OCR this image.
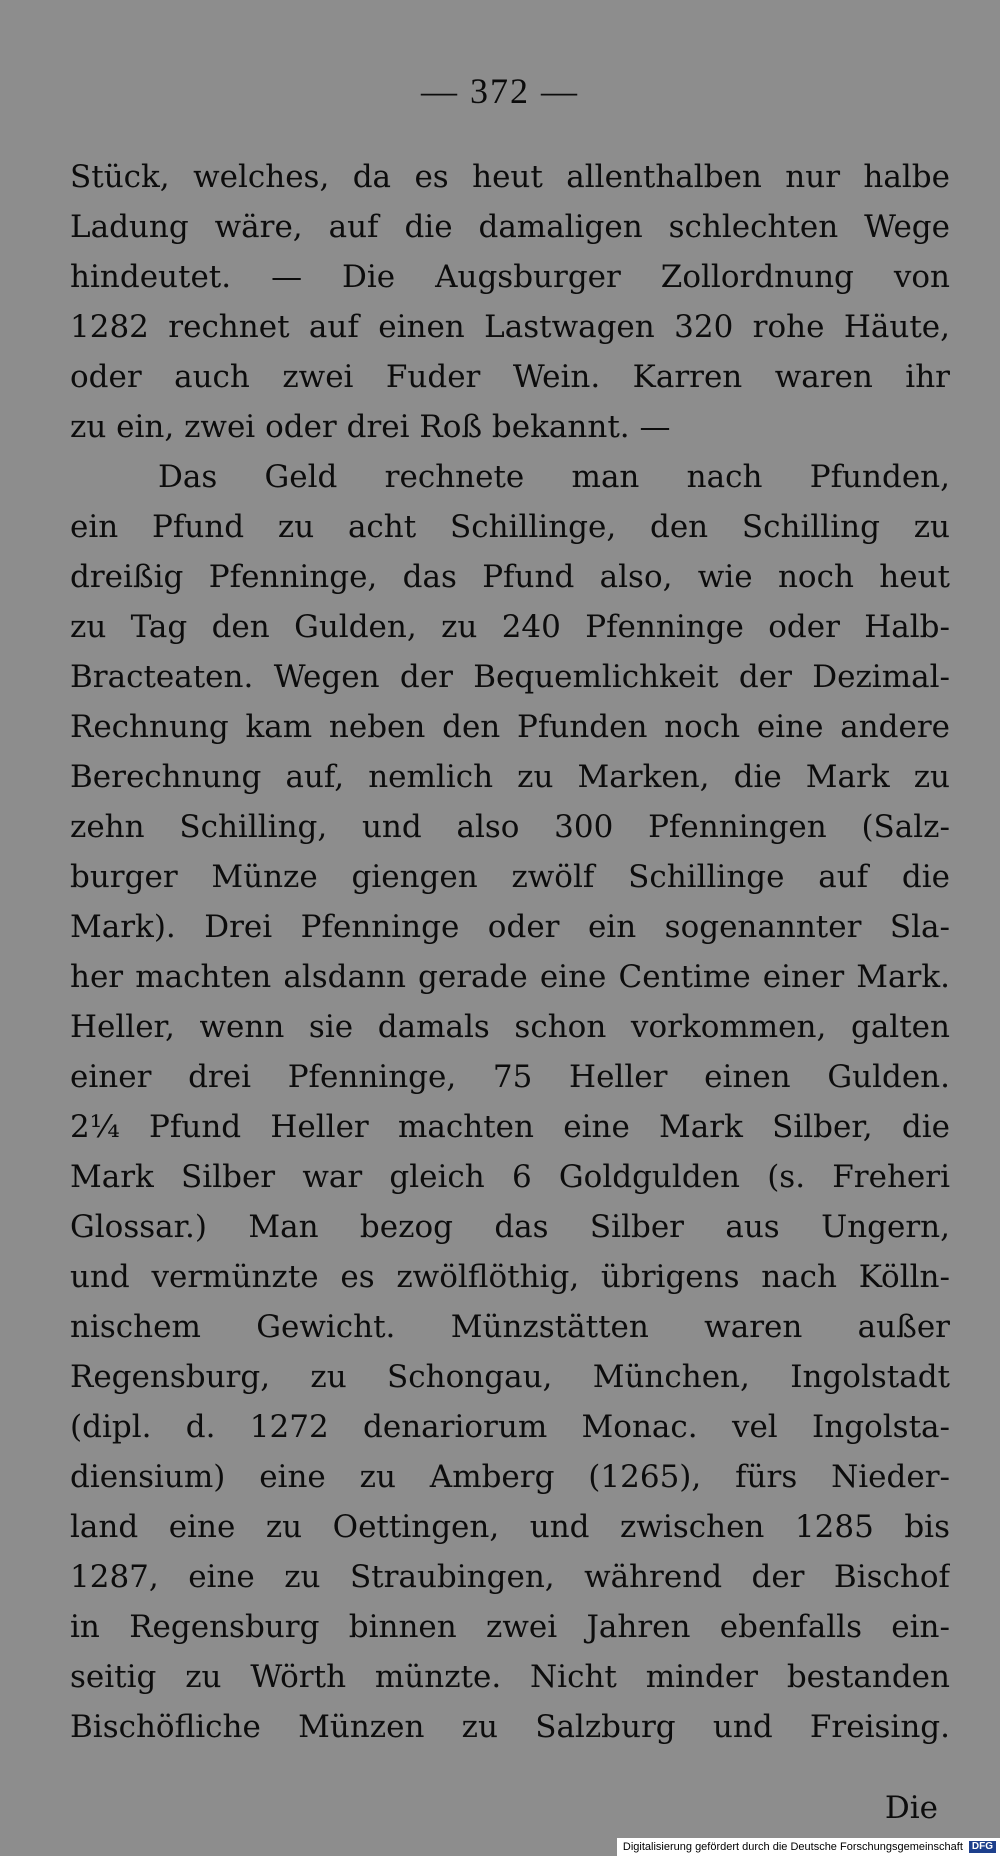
— 372 —
Stück, welches, da es heut allenthalben nur halbe
Ladung wäre, auf die damaligen schlechten Wege
hindeutet. — Die Augsburger Zollordnung von
1282 rechnet auf einen Lastwagen 320 rohe Häute,
oder auch zwei Fuder Wein. Karren waren ihr
zu ein, zwei oder drei Roß bekannt. —
Das Geld rechnete man nach Pfunden,
ein Pfund zu acht Schillinge, den Schilling zu
dreißig Pfenninge, das Pfund also, wie noch heut
zu Tag den Gulden, zu 240 Pfenninge oder Halb-
Bracteaten. Wegen der Bequemlichkeit der Dezimal-
Rechnung kam neben den Pfunden noch eine andere
Berechnung auf, nemlich zu Marken, die Mark zu
zehn Schilling, und also 300 Pfenningen (Salz-
burger Münze giengen zwölf Schillinge auf die
Mark). Drei Pfenninge oder ein sogenannter Sla-
her machten alsdann gerade eine Centime einer Mark.
Heller, wenn sie damals schon vorkommen, galten
einer drei Pfenninge, 75 Heller einen Gulden.
2¼ Pfund Heller machten eine Mark Silber, die
Mark Silber war gleich 6 Goldgulden (s. Freheri
Glossar.) Man bezog das Silber aus Ungern,
und vermünzte es zwölflöthig, übrigens nach Kölln-
nischem Gewicht. Münzstätten waren außer
Regensburg, zu Schongau, München, Ingolstadt
(dipl. d. 1272 denariorum Monac. vel Ingolsta-
diensium) eine zu Amberg (1265), fürs Nieder-
land eine zu Oettingen, und zwischen 1285 bis
1287, eine zu Straubingen, während der Bischof
in Regensburg binnen zwei Jahren ebenfalls ein-
seitig zu Wörth münzte. Nicht minder bestanden
Bischöfliche Münzen zu Salzburg und Freising.
Die
Digitalisierung gefördert durch die Deutsche Forschungsgemeinschaft DFG
